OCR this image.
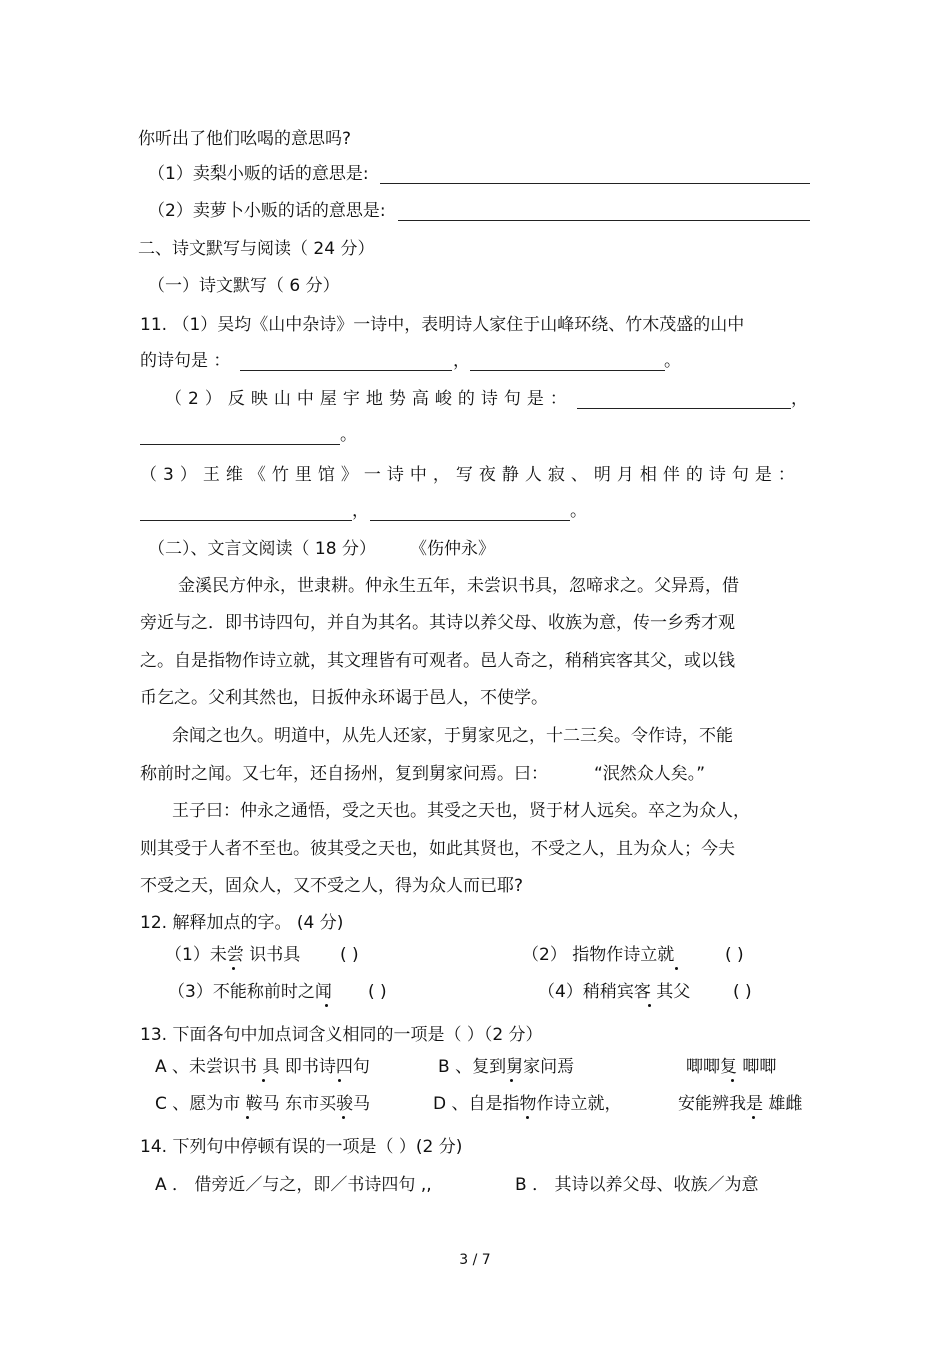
你听出了他们吆喝的意思吗?
（1）卖梨小贩的话的意思是:
（2）卖萝卜小贩的话的意思是:
二、诗文默写与阅读（ 24 分）
（一）诗文默写（ 6 分）
11. （1）吴均《山中杂诗》一诗中，表明诗人家住于山峰环绕、竹木茂盛的山中
的诗句是 ：	，	。
（2）反映山中屋宇地势高峻的诗句是：	，
。
（3）王维《竹里馆》一诗中，写夜静人寂、明月相伴的诗句是：
，	。
（二）、文言文阅读（ 18 分） 《伤仲永》
金溪民方仲永，世隶耕。仲永生五年，未尝识书具，忽啼求之。父异焉，借
旁近与之．即书诗四句，并自为其名。其诗以养父母、收族为意，传一乡秀才观
之。自是指物作诗立就，其文理皆有可观者。邑人奇之，稍稍宾客其父，或以钱
币乞之。父利其然也，日扳仲永环谒于邑人，不使学。
余闻之也久。明道中，从先人还家，于舅家见之，十二三矣。令作诗，不能
称前时之闻。又七年，还自扬州，复到舅家问焉。曰：	“泯然众人矣。”
王子曰：仲永之通悟，受之天也。其受之天也，贤于材人远矣。卒之为众人，
则其受于人者不至也。彼其受之天也，如此其贤也，不受之人，且为众人；今夫
不受之天，固众人，又不受之人，得为众人而已耶?
12. 解释加点的字。 (4 分)
（1）未尝 识书具 ( )	（2） 指物作诗立就	( )
（3）不能称前时之闻 ( )	（4）稍稍宾客 其父	( )
13. 下面各句中加点词含义相同的一项是（ ）（2 分）
A 、未尝识书 具 即书诗四句	B 、复到舅家问焉	唧唧复 唧唧
C 、愿为市 鞍马 东市买骏马	D 、自是指物作诗立就，	安能辨我是 雄雌
14. 下列句中停顿有误的一项是（ ）(2 分)
A ． 借旁近／与之，即／书诗四句 ,,	B ． 其诗以养父母、收族／为意
3 / 7
